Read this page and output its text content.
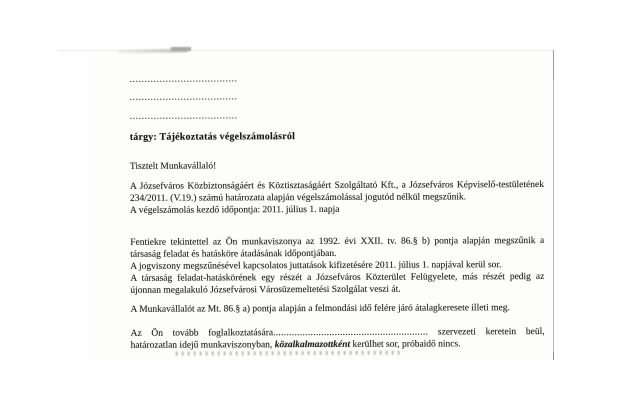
....................................
....................................
....................................
tárgy: Tájékoztatás végelszámolásról
Tisztelt Munkavállaló!
A Józsefváros Közbiztonságáért és Köztisztaságáért Szolgáltató Kft., a Józsefváros Képviselő-testületének 234/2011. (V.19.) számú határozata alapján végelszámolással jogutód nélkül megszűnik.
A végelszámolás kezdő időpontja: 2011. július 1. napja
Fentiekre tekintettel az Ön munkaviszonya az 1992. évi XXII. tv. 86.§ b) pontja alapján megszűnik a társaság feladat és hatásköre átadásának időpontjában.
A jogviszony megszűnésével kapcsolatos juttatások kifizetésére 2011. július 1. napjával kerül sor.
A társaság feladat-hatáskörének egy részét a Józsefváros Közterület Felügyelete, más részét pedig az újonnan megalakuló Józsefvárosi Városüzemeltetési Szolgálat veszi át.
A Munkavállalót az Mt. 86.§ a) pontja alapján a felmondási idő felére járó átalagkeresete illeti meg.
Az Ön tovább foglalkoztatására.......................................................... szervezeti keretein beül,
határozatlan idejű munkaviszonyban, közalkalmazottként kerülhet sor, próbaidő nincs.
